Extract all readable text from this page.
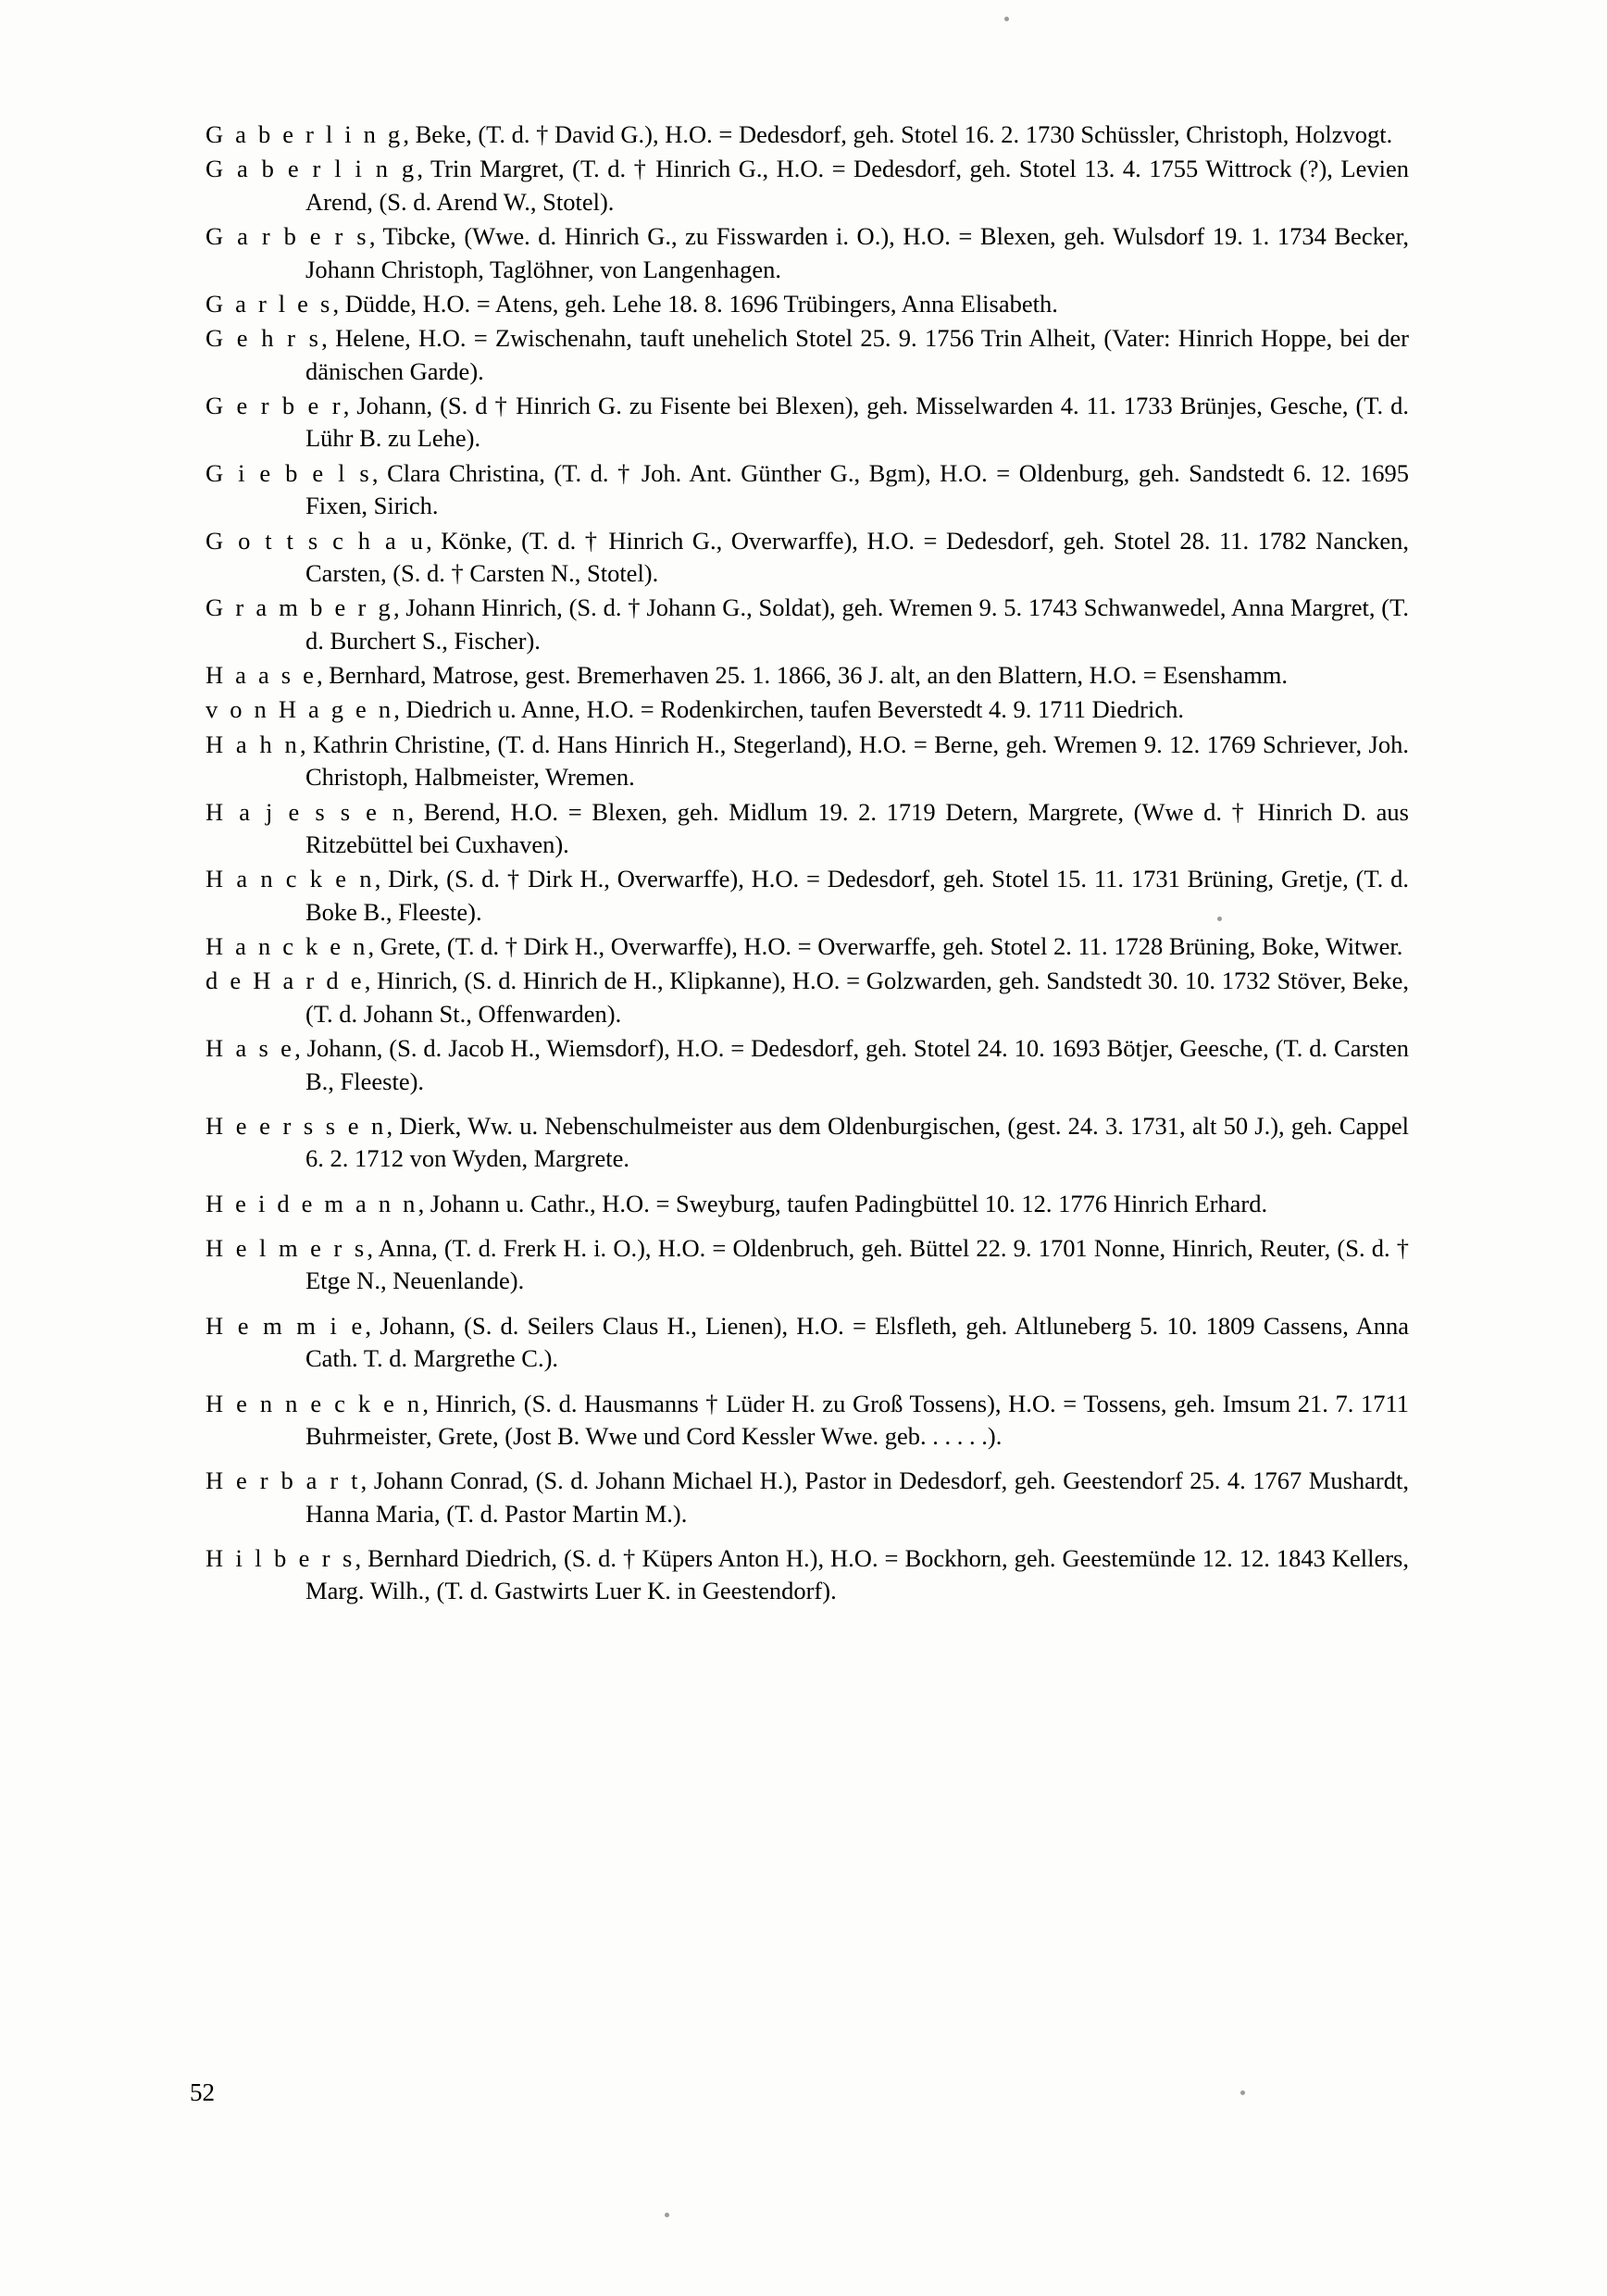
G a b e r l i n g, Beke, (T. d. † David G.), H.O. = Dedesdorf, geh. Stotel 16. 2. 1730 Schüssler, Christoph, Holzvogt.

G a b e r l i n g, Trin Margret, (T. d. † Hinrich G., H.O. = Dedesdorf, geh. Stotel 13. 4. 1755 Wittrock (?), Levien Arend, (S. d. Arend W., Stotel).

G a r b e r s, Tibcke, (Wwe. d. Hinrich G., zu Fisswarden i. O.), H.O. = Blexen, geh. Wulsdorf 19. 1. 1734 Becker, Johann Christoph, Taglöhner, von Langenhagen.

G a r l e s, Düdde, H.O. = Atens, geh. Lehe 18. 8. 1696 Trübingers, Anna Elisabeth.

G e h r s, Helene, H.O. = Zwischenahn, tauft unehelich Stotel 25. 9. 1756 Trin Alheit, (Vater: Hinrich Hoppe, bei der dänischen Garde).

G e r b e r, Johann, (S. d † Hinrich G. zu Fisente bei Blexen), geh. Misselwarden 4. 11. 1733 Brünjes, Gesche, (T. d. Lühr B. zu Lehe).

G i e b e l s, Clara Christina, (T. d. † Joh. Ant. Günther G., Bgm), H.O. = Oldenburg, geh. Sandstedt 6. 12. 1695 Fixen, Sirich.

G o t t s c h a u, Könke, (T. d. † Hinrich G., Overwarffe), H.O. = Dedesdorf, geh. Stotel 28. 11. 1782 Nancken, Carsten, (S. d. † Carsten N., Stotel).

G r a m b e r g, Johann Hinrich, (S. d. † Johann G., Soldat), geh. Wremen 9. 5. 1743 Schwanwedel, Anna Margret, (T. d. Burchert S., Fischer).

H a a s e, Bernhard, Matrose, gest. Bremerhaven 25. 1. 1866, 36 J. alt, an den Blattern, H.O. = Esenshamm.

v o n H a g e n, Diedrich u. Anne, H.O. = Rodenkirchen, taufen Beverstedt 4. 9. 1711 Diedrich.

H a h n, Kathrin Christine, (T. d. Hans Hinrich H., Stegerland), H.O. = Berne, geh. Wremen 9. 12. 1769 Schriever, Joh. Christoph, Halbmeister, Wremen.

H a j e s s e n, Berend, H.O. = Blexen, geh. Midlum 19. 2. 1719 Detern, Margrete, (Wwe d. † Hinrich D. aus Ritzebüttel bei Cuxhaven).

H a n c k e n, Dirk, (S. d. † Dirk H., Overwarffe), H.O. = Dedesdorf, geh. Stotel 15. 11. 1731 Brüning, Gretje, (T. d. Boke B., Fleeste).

H a n c k e n, Grete, (T. d. † Dirk H., Overwarffe), H.O. = Overwarffe, geh. Stotel 2. 11. 1728 Brüning, Boke, Witwer.

d e H a r d e, Hinrich, (S. d. Hinrich de H., Klipkanne), H.O. = Golzwarden, geh. Sandstedt 30. 10. 1732 Stöver, Beke, (T. d. Johann St., Offenwarden).

H a s e, Johann, (S. d. Jacob H., Wiemsdorf), H.O. = Dedesdorf, geh. Stotel 24. 10. 1693 Bötjer, Geesche, (T. d. Carsten B., Fleeste).

H e e r s s e n, Dierk, Ww. u. Nebenschulmeister aus dem Oldenburgischen, (gest. 24. 3. 1731, alt 50 J.), geh. Cappel 6. 2. 1712 von Wyden, Margrete.

H e i d e m a n n, Johann u. Cathr., H.O. = Sweyburg, taufen Padingbüttel 10. 12. 1776 Hinrich Erhard.

H e l m e r s, Anna, (T. d. Frerk H. i. O.), H.O. = Oldenbruch, geh. Büttel 22. 9. 1701 Nonne, Hinrich, Reuter, (S. d. † Etge N., Neuenlande).

H e m m i e, Johann, (S. d. Seilers Claus H., Lienen), H.O. = Elsfleth, geh. Altluneberg 5. 10. 1809 Cassens, Anna Cath. T. d. Margrethe C.).

H e n n e c k e n, Hinrich, (S. d. Hausmanns † Lüder H. zu Groß Tossens), H.O. = Tossens, geh. Imsum 21. 7. 1711 Buhrmeister, Grete, (Jost B. Wwe und Cord Kessler Wwe. geb. . . . . .).

H e r b a r t, Johann Conrad, (S. d. Johann Michael H.), Pastor in Dedesdorf, geh. Geestendorf 25. 4. 1767 Mushardt, Hanna Maria, (T. d. Pastor Martin M.).

H i l b e r s, Bernhard Diedrich, (S. d. † Küpers Anton H.), H.O. = Bockhorn, geh. Geestemünde 12. 12. 1843 Kellers, Marg. Wilh., (T. d. Gastwirts Luer K. in Geestendorf).

52
